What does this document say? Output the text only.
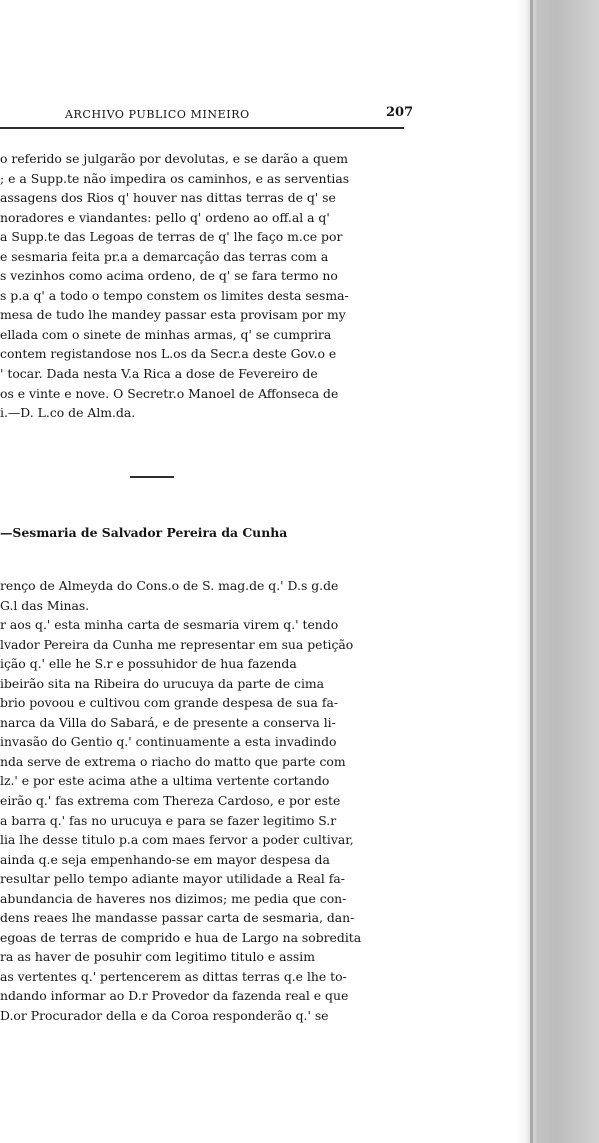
ARCHIVO PUBLICO MINEIRO	207
o referido se julgarão por devolutas, e se darão a quem
; e a Supp.te não impedira os caminhos, e as serventias
assagens dos Rios q' houver nas dittas terras de q' se
noradores e viandantes: pello q' ordeno ao off.al a q'
a Supp.te das Legoas de terras de q' lhe faço m.ce por
e sesmaria feita pr.a a demarcação das terras com a
s vezinhos como acima ordeno, de q' se fara termo no
s p.a q' a todo o tempo constem os limites desta sesma-
mesa de tudo lhe mandey passar esta provisam por my
ellada com o sinete de minhas armas, q' se cumprira
contem registandose nos L.os da Secr.a deste Gov.o e
' tocar. Dada nesta V.a Rica a dose de Fevereiro de
os e vinte e nove. O Secretr.o Manoel de Affonseca de
i.—D. L.co de Alm.da.
—Sesmaria de Salvador Pereira da Cunha
renço de Almeyda do Cons.o de S. mag.de q.' D.s g.de
G.l das Minas.
r aos q.' esta minha carta de sesmaria virem q.' tendo
lvador Pereira da Cunha me representar em sua petição
ição q.' elle he S.r e possuhidor de hua fazenda
ibeirão sita na Ribeira do urucuya da parte de cima
brio povoou e cultivou com grande despesa de sua fa-
narca da Villa do Sabará, e de presente a conserva li-
invasão do Gentio q.' continuamente a esta invadindo
nda serve de extrema o riacho do matto que parte com
lz.' e por este acima athe a ultima vertente cortando
eirão q.' fas extrema com Thereza Cardoso, e por este
a barra q.' fas no urucuya e para se fazer legitimo S.r
lia lhe desse titulo p.a com maes fervor a poder cultivar,
ainda q.e seja empenhando-se em mayor despesa da
resultar pello tempo adiante mayor utilidade a Real fa-
abundancia de haveres nos dizimos; me pedia que con-
dens reaes lhe mandasse passar carta de sesmaria, dan-
egoas de terras de comprido e hua de Largo na sobredita
ra as haver de posuhir com legitimo titulo e assim
as vertentes q.' pertencerem as dittas terras q.e lhe to-
ndando informar ao D.r Provedor da fazenda real e que
D.or Procurador della e da Coroa responderão q.' se
